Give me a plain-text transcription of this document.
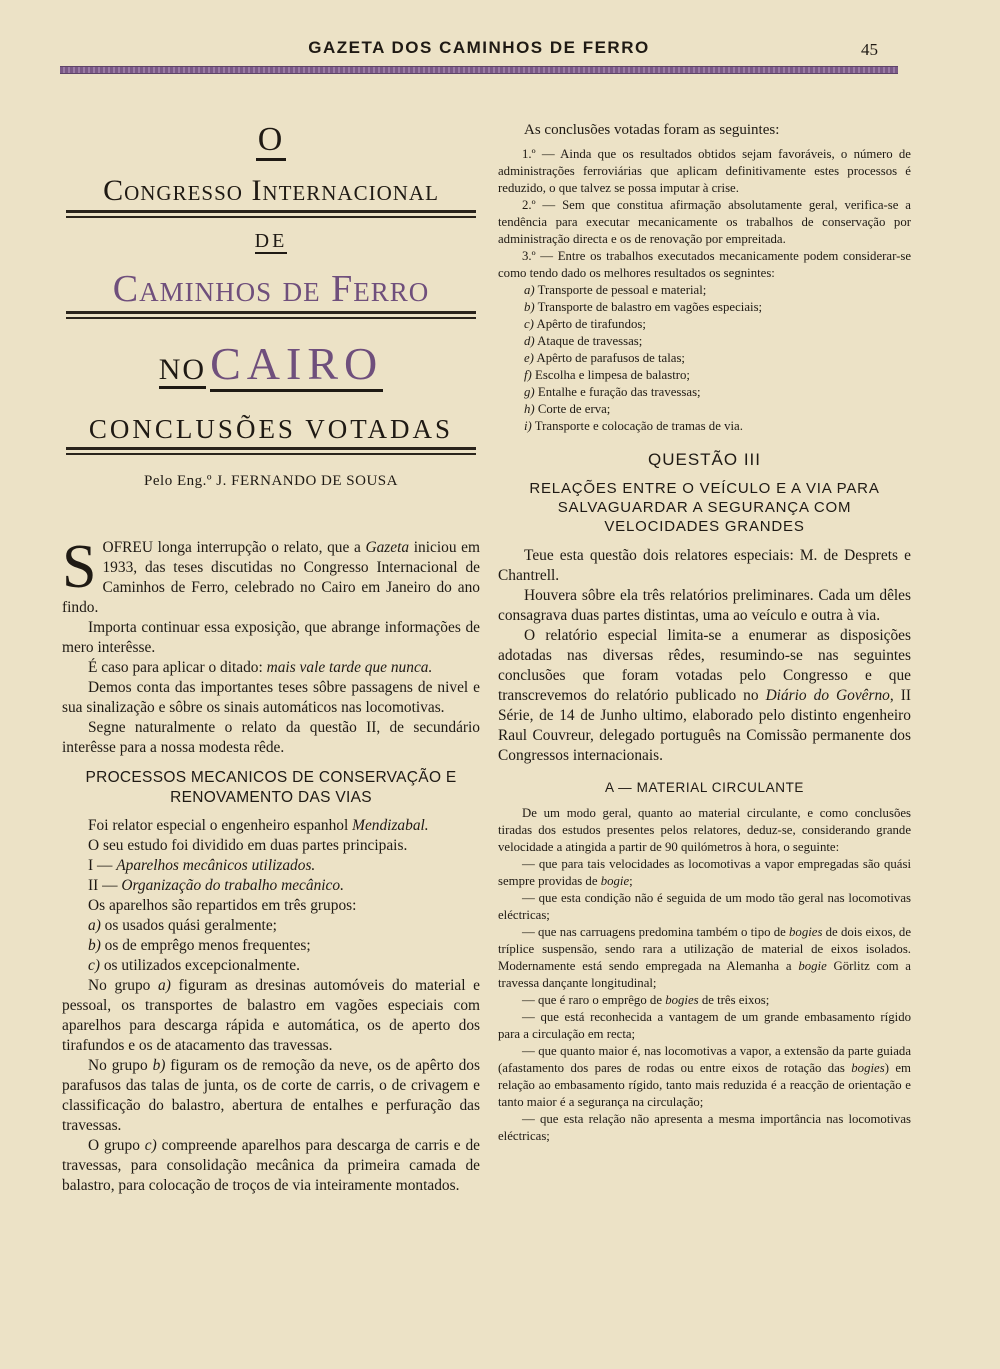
GAZETA DOS CAMINHOS DE FERRO	45
O
Congresso Internacional
DE
Caminhos de Ferro
NO CAIRO
CONCLUSÕES VOTADAS
Pelo Eng.º J. FERNANDO DE SOUSA

SOFREU longa interrupção o relato, que a Gazeta iniciou em 1933, das teses discutidas no Congresso Internacional de Caminhos de Ferro, celebrado no Cairo em Janeiro do ano findo.

Importa continuar essa exposição, que abrange informações de mero interêsse.

É caso para aplicar o ditado: mais vale tarde que nunca.

Demos conta das importantes teses sôbre passagens de nivel e sua sinalização e sôbre os sinais automáticos nas locomotivas.

Segne naturalmente o relato da questão II, de secundário interêsse para a nossa modesta rêde.

PROCESSOS MECANICOS DE CONSERVAÇÃO E RENOVAMENTO DAS VIAS

Foi relator especial o engenheiro espanhol Mendizabal.

O seu estudo foi dividido em duas partes principais.

I — Aparelhos mecânicos utilizados.

II — Organização do trabalho mecânico.

Os aparelhos são repartidos em três grupos:

a) os usados quási geralmente;

b) os de emprêgo menos frequentes;

c) os utilizados excepcionalmente.

No grupo a) figuram as dresinas automóveis do material e pessoal, os transportes de balastro em vagões especiais com aparelhos para descarga rápida e automática, os de aperto dos tirafundos e os de atacamento das travessas.

No grupo b) figuram os de remoção da neve, os de apêrto dos parafusos das talas de junta, os de corte de carris, o de crivagem e classificação do balastro, abertura de entalhes e perfuração das travessas.

O grupo c) compreende aparelhos para descarga de carris e de travessas, para consolidação mecânica da primeira camada de balastro, para colocação de troços de via inteiramente montados.

As conclusões votadas foram as seguintes:

1.º — Ainda que os resultados obtidos sejam favoráveis, o número de administrações ferroviárias que aplicam definitivamente estes processos é reduzido, o que talvez se possa imputar à crise.

2.º — Sem que constitua afirmação absolutamente geral, verifica-se a tendência para executar mecanicamente os trabalhos de conservação por administração directa e os de renovação por empreitada.

3.º — Entre os trabalhos executados mecanicamente podem considerar-se como tendo dado os melhores resultados os segnintes:

a) Transporte de pessoal e material;

b) Transporte de balastro em vagões especiais;

c) Apêrto de tirafundos;

d) Ataque de travessas;

e) Apêrto de parafusos de talas;

f) Escolha e limpesa de balastro;

g) Entalhe e furação das travessas;

h) Corte de erva;

i) Transporte e colocação de tramas de via.

QUESTÃO III
RELAÇÕES ENTRE O VEÍCULO E A VIA PARA SALVAGUARDAR A SEGURANÇA COM VELOCIDADES GRANDES

Teue esta questão dois relatores especiais: M. de Desprets e Chantrell.

Houvera sôbre ela três relatórios preliminares. Cada um dêles consagrava duas partes distintas, uma ao veículo e outra à via.

O relatório especial limita-se a enumerar as disposições adotadas nas diversas rêdes, resumindo-se nas seguintes conclusões que foram votadas pelo Congresso e que transcrevemos do relatório publicado no Diário do Govêrno, II Série, de 14 de Junho ultimo, elaborado pelo distinto engenheiro Raul Couvreur, delegado português na Comissão permanente dos Congressos internacionais.

A — MATERIAL CIRCULANTE

De um modo geral, quanto ao material circulante, e como conclusões tiradas dos estudos presentes pelos relatores, deduz-se, considerando grande velocidade a atingida a partir de 90 quilómetros à hora, o seguinte:

— que para tais velocidades as locomotivas a vapor empregadas são quási sempre providas de bogie;

— que esta condição não é seguida de um modo tão geral nas locomotivas eléctricas;

— que nas carruagens predomina também o tipo de bogies de dois eixos, de tríplice suspensão, sendo rara a utilização de material de eixos isolados. Modernamente está sendo empregada na Alemanha a bogie Görlitz com a travessa dançante longitudinal;

— que é raro o emprêgo de bogies de três eixos;

— que está reconhecida a vantagem de um grande embasamento rígido para a circulação em recta;

— que quanto maior é, nas locomotivas a vapor, a extensão da parte guiada (afastamento dos pares de rodas ou entre eixos de rotação das bogies) em relação ao embasamento rígido, tanto mais reduzida é a reacção de orientação e tanto maior é a segurança na circulação;

— que esta relação não apresenta a mesma importância nas locomotivas eléctricas;
